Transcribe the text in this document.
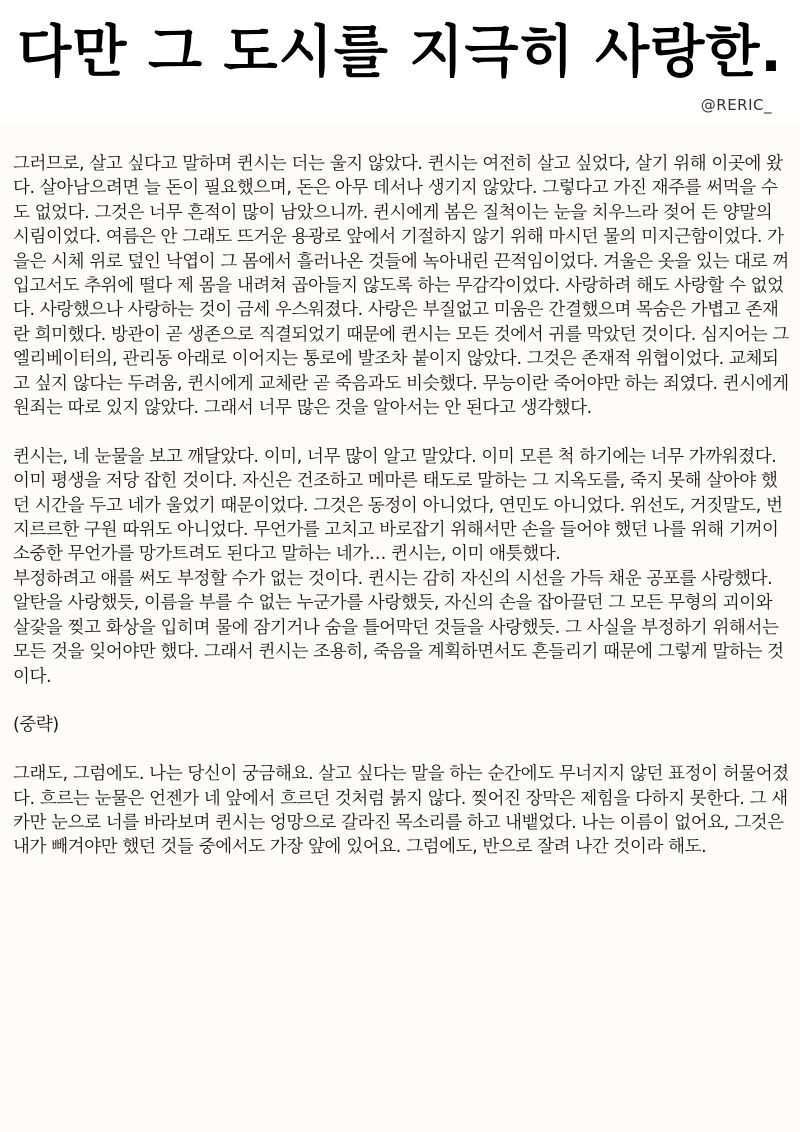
다만 그 도시를 지극히 사랑한.
@RERIC_

그러므로, 살고 싶다고 말하며 퀸시는 더는 울지 않았다. 퀸시는 여전히 살고 싶었다, 살기 위해 이곳에 왔다. 살아남으려면 늘 돈이 필요했으며, 돈은 아무 데서나 생기지 않았다. 그렇다고 가진 재주를 써먹을 수도 없었다. 그것은 너무 흔적이 많이 남았으니까. 퀸시에게 봄은 질척이는 눈을 치우느라 젖어 든 양말의 시림이었다. 여름은 안 그래도 뜨거운 용광로 앞에서 기절하지 않기 위해 마시던 물의 미지근함이었다. 가을은 시체 위로 덮인 낙엽이 그 몸에서 흘러나온 것들에 녹아내린 끈적임이었다. 겨울은 옷을 있는 대로 껴입고서도 추위에 떨다 제 몸을 내려쳐 곱아들지 않도록 하는 무감각이었다. 사랑하려 해도 사랑할 수 없었다. 사랑했으나 사랑하는 것이 금세 우스워졌다. 사랑은 부질없고 미움은 간결했으며 목숨은 가볍고 존재란 희미했다. 방관이 곧 생존으로 직결되었기 때문에 퀸시는 모든 것에서 귀를 막았던 것이다. 심지어는 그 엘리베이터의, 관리동 아래로 이어지는 통로에 발조차 붙이지 않았다. 그것은 존재적 위협이었다. 교체되고 싶지 않다는 두려움, 퀸시에게 교체란 곧 죽음과도 비슷했다. 무능이란 죽어야만 하는 죄였다. 퀸시에게 원죄는 따로 있지 않았다. 그래서 너무 많은 것을 알아서는 안 된다고 생각했다.

퀸시는, 네 눈물을 보고 깨달았다. 이미, 너무 많이 알고 말았다. 이미 모른 척 하기에는 너무 가까워졌다. 이미 평생을 저당 잡힌 것이다. 자신은 건조하고 메마른 태도로 말하는 그 지옥도를, 죽지 못해 살아야 했던 시간을 두고 네가 울었기 때문이었다. 그것은 동정이 아니었다, 연민도 아니었다. 위선도, 거짓말도, 번지르르한 구원 따위도 아니었다. 무언가를 고치고 바로잡기 위해서만 손을 들어야 했던 나를 위해 기꺼이 소중한 무언가를 망가트려도 된다고 말하는 네가… 퀸시는, 이미 애틋했다.
부정하려고 애를 써도 부정할 수가 없는 것이다. 퀸시는 감히 자신의 시선을 가득 채운 공포를 사랑했다. 알탄을 사랑했듯, 이름을 부를 수 없는 누군가를 사랑했듯, 자신의 손을 잡아끌던 그 모든 무형의 괴이와 살갗을 찢고 화상을 입히며 물에 잠기거나 숨을 틀어막던 것들을 사랑했듯. 그 사실을 부정하기 위해서는 모든 것을 잊어야만 했다. 그래서 퀸시는 조용히, 죽음을 계획하면서도 흔들리기 때문에 그렇게 말하는 것이다.

(중략)

그래도, 그럼에도. 나는 당신이 궁금해요. 살고 싶다는 말을 하는 순간에도 무너지지 않던 표정이 허물어졌다. 흐르는 눈물은 언젠가 네 앞에서 흐르던 것처럼 붉지 않다. 찢어진 장막은 제힘을 다하지 못한다. 그 새카만 눈으로 너를 바라보며 퀸시는 엉망으로 갈라진 목소리를 하고 내뱉었다. 나는 이름이 없어요, 그것은 내가 빼겨야만 했던 것들 중에서도 가장 앞에 있어요. 그럼에도, 반으로 잘려 나간 것이라 해도.
